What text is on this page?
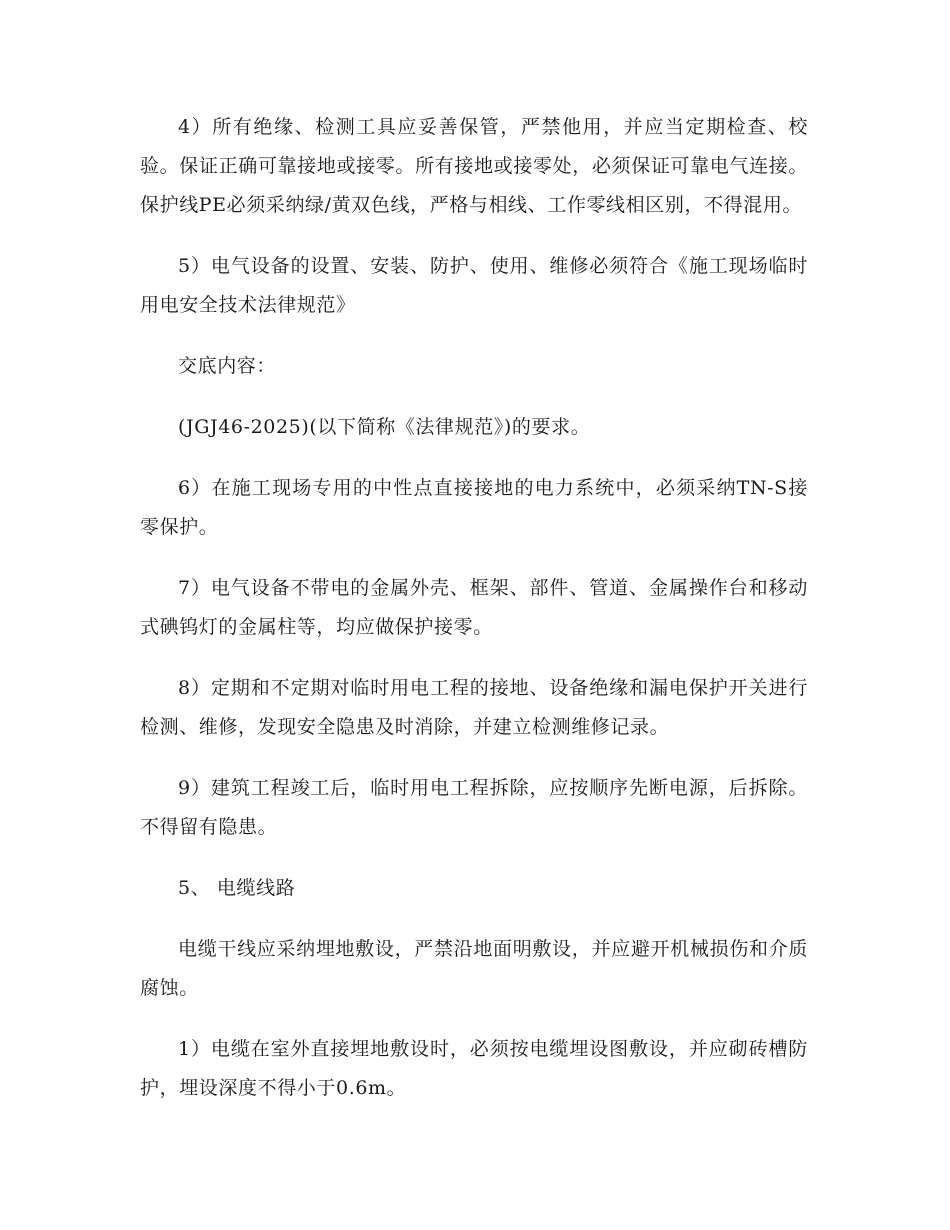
4）所有绝缘、检测工具应妥善保管，严禁他用，并应当定期检查、校验。保证正确可靠接地或接零。所有接地或接零处，必须保证可靠电气连接。保护线PE必须采纳绿/黄双色线，严格与相线、工作零线相区别，不得混用。

5）电气设备的设置、安装、防护、使用、维修必须符合《施工现场临时用电安全技术法律规范》

交底内容：

(JGJ46-2025)(以下简称《法律规范》)的要求。

6）在施工现场专用的中性点直接接地的电力系统中，必须采纳TN-S接零保护。

7）电气设备不带电的金属外壳、框架、部件、管道、金属操作台和移动式碘钨灯的金属柱等，均应做保护接零。

8）定期和不定期对临时用电工程的接地、设备绝缘和漏电保护开关进行检测、维修，发现安全隐患及时消除，并建立检测维修记录。

9）建筑工程竣工后，临时用电工程拆除，应按顺序先断电源，后拆除。不得留有隐患。

5、 电缆线路

电缆干线应采纳埋地敷设，严禁沿地面明敷设，并应避开机械损伤和介质腐蚀。

1）电缆在室外直接埋地敷设时，必须按电缆埋设图敷设，并应砌砖槽防护，埋设深度不得小于0.6m。
